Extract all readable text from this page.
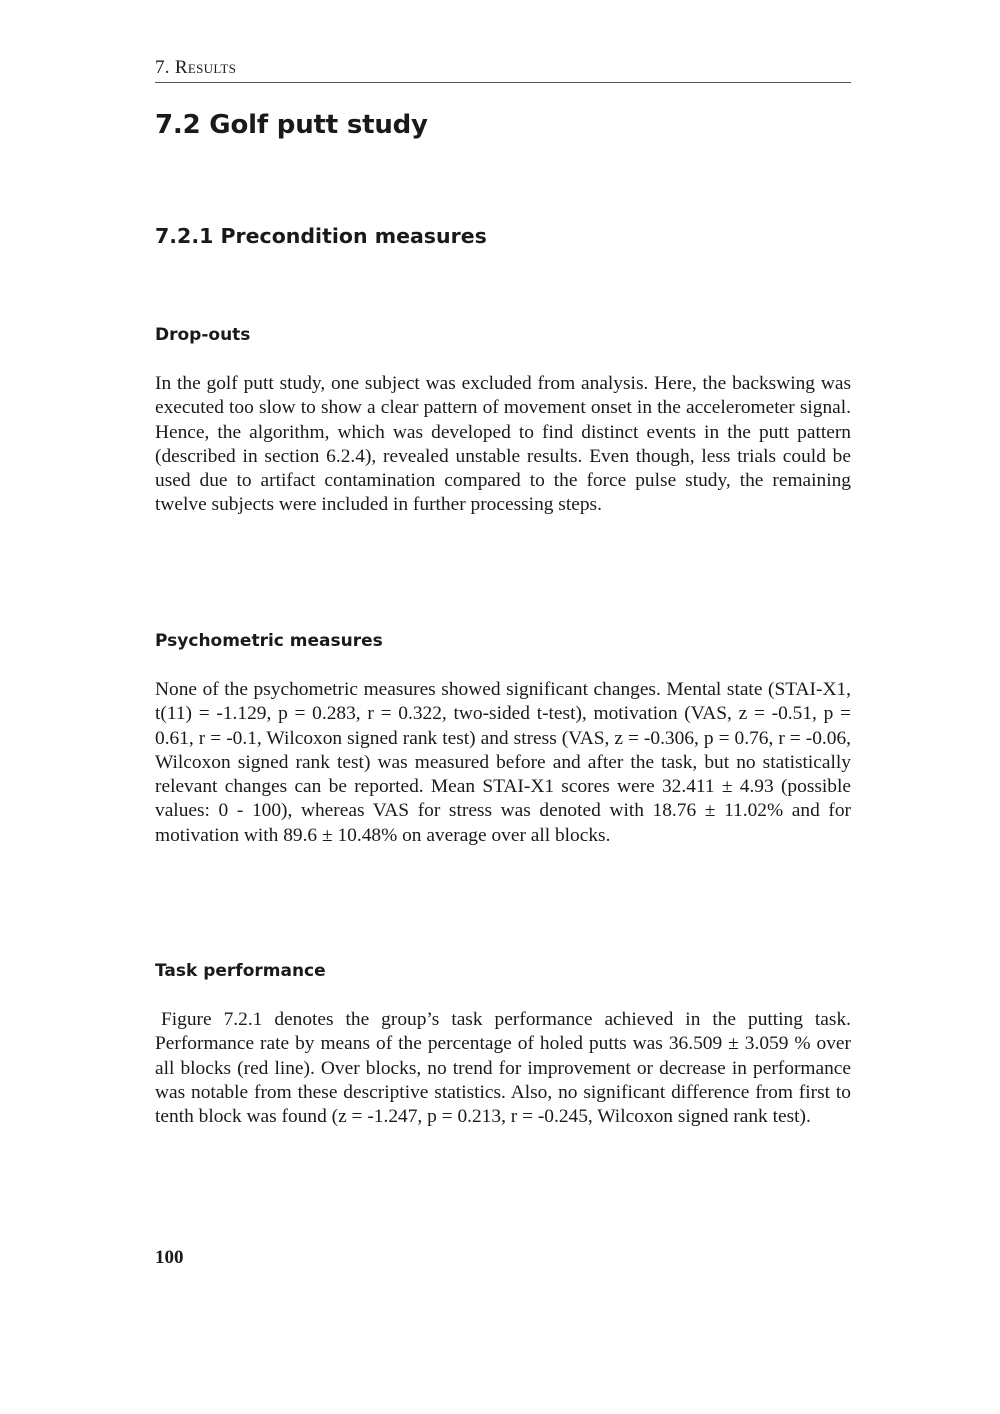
7. Results
7.2 Golf putt study
7.2.1 Precondition measures
Drop-outs

In the golf putt study, one subject was excluded from analysis. Here, the backswing was executed too slow to show a clear pattern of movement onset in the accelerometer signal. Hence, the algorithm, which was developed to find distinct events in the putt pattern (described in section 6.2.4), revealed unstable results. Even though, less trials could be used due to artifact contamination compared to the force pulse study, the remaining twelve subjects were included in further processing steps.

Psychometric measures

None of the psychometric measures showed significant changes. Mental state (STAI-X1, t(11) = -1.129, p = 0.283, r = 0.322, two-sided t-test), motivation (VAS, z = -0.51, p = 0.61, r = -0.1, Wilcoxon signed rank test) and stress (VAS, z = -0.306, p = 0.76, r = -0.06, Wilcoxon signed rank test) was measured before and after the task, but no statistically relevant changes can be reported. Mean STAI-X1 scores were 32.411 ± 4.93 (possible values: 0 - 100), whereas VAS for stress was denoted with 18.76 ± 11.02% and for motivation with 89.6 ± 10.48% on average over all blocks.

Task performance

Figure 7.2.1 denotes the group’s task performance achieved in the putting task. Performance rate by means of the percentage of holed putts was 36.509 ± 3.059 % over all blocks (red line). Over blocks, no trend for improvement or decrease in performance was notable from these descriptive statistics. Also, no significant difference from first to tenth block was found (z = -1.247, p = 0.213, r = -0.245, Wilcoxon signed rank test).

100
